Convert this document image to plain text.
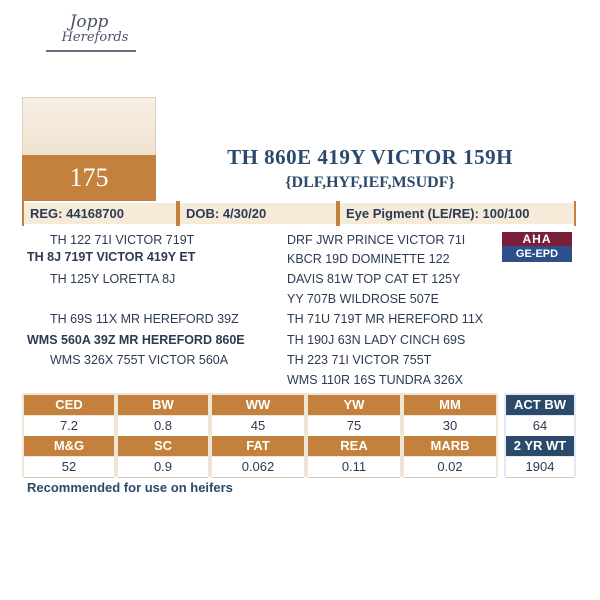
Jopp
Herefords
175
TH 860E 419Y VICTOR 159H
{DLF,HYF,IEF,MSUDF}
REG: 44168700	DOB: 4/30/20	Eye Pigment (LE/RE): 100/100
TH 122 71I VICTOR 719T
TH 8J 719T VICTOR 419Y ET
TH 125Y LORETTA 8J
TH 69S 11X MR HEREFORD 39Z
WMS 560A 39Z MR HEREFORD 860E
WMS 326X 755T VICTOR 560A
DRF JWR PRINCE VICTOR 71I
KBCR 19D DOMINETTE 122
DAVIS 81W TOP CAT ET 125Y
YY 707B WILDROSE 507E
TH 71U 719T MR HEREFORD 11X
TH 190J 63N LADY CINCH 69S
TH 223 71I VICTOR 755T
WMS 110R 16S TUNDRA 326X
AHA
GE-EPD
CED	BW	WW	YW	MM
7.2	0.8	45	75	30
M&G	SC	FAT	REA	MARB
52	0.9	0.062	0.11	0.02
ACT BW
64
2 YR WT
1904
Recommended for use on heifers
